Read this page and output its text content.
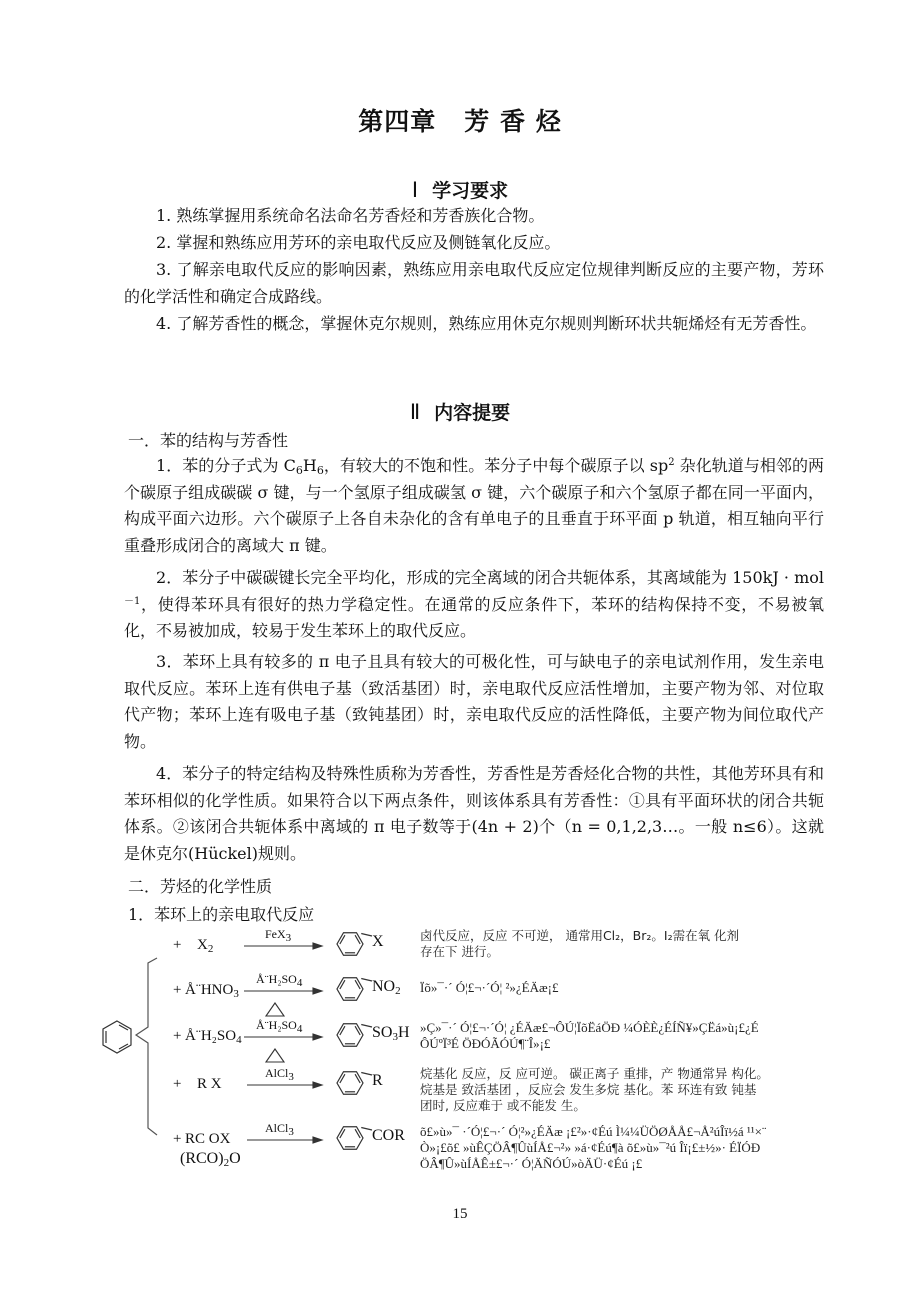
第四章 芳 香 烃
Ⅰ 学习要求
1. 熟练掌握用系统命名法命名芳香烃和芳香族化合物。
2. 掌握和熟练应用芳环的亲电取代反应及侧链氧化反应。
3. 了解亲电取代反应的影响因素，熟练应用亲电取代反应定位规律判断反应的主要产物，芳环的化学活性和确定合成路线。
4. 了解芳香性的概念，掌握休克尔规则，熟练应用休克尔规则判断环状共轭烯烃有无芳香性。
Ⅱ 内容提要
一．苯的结构与芳香性
1．苯的分子式为 $C_6H_6$，有较大的不饱和性。苯分子中每个碳原子以 $sp^2$ 杂化轨道与相邻的两个碳原子组成碳碳 σ 键，与一个氢原子组成碳氢 σ 键，六个碳原子和六个氢原子都在同一平面内，构成平面六边形。六个碳原子上各自未杂化的含有单电子的且垂直于环平面 p 轨道，相互轴向平行重叠形成闭合的离域大 π 键。
2．苯分子中碳碳键长完全平均化，形成的完全离域的闭合共轭体系，其离域能为 150kJ · mol$^{-1}$，使得苯环具有很好的热力学稳定性。在通常的反应条件下，苯环的结构保持不变，不易被氧化，不易被加成，较易于发生苯环上的取代反应。
3．苯环上具有较多的 π 电子且具有较大的可极化性，可与缺电子的亲电试剂作用，发生亲电取代反应。苯环上连有供电子基（致活基团）时，亲电取代反应活性增加，主要产物为邻、对位取代产物；苯环上连有吸电子基（致钝基团）时，亲电取代反应的活性降低，主要产物为间位取代产物。
4．苯分子的特定结构及特殊性质称为芳香性，芳香性是芳香烃化合物的共性，其他芳环具有和苯环相似的化学性质。如果符合以下两点条件，则该体系具有芳香性：①具有平面环状的闭合共轭体系。②该闭合共轭体系中离域的 π 电子数等于(4n + 2)个（n = 0,1,2,3…。一般 n≤6）。这就是休克尔(Hückel)规则。
二．芳烃的化学性质
1．苯环上的亲电取代反应
+ $X_2$
FeX$_3$	X	卤代反应，反应 不可逆， 通常用Cl₂，Br₂。I₂需在氧 化剂
存在下 进行。
+ $Å¨HNO_3$
$Å¨H_2SO_4$	$NO_2$ Ïõ»¯·´ Ó¦£¬·´Ó¦ ²»¿ÉÄæ¡£
+ $Å¨H_2SO_4$
$Å¨H_2SO_4$	$SO_3H$ »Ç»¯·´ Ó¦£¬·´Ó¦ ¿ÉÄæ£¬ÔÚ¦ÏõËáÖÐ ¼ÓÈÈ¿ÉÍÑ¥»ÇËá»ù¡£¿É
ÔÚºÏ³É ÖÐÓÃÓÚ¶¨Î»¡£
+ R X
AlCl$_3$	R	烷基化 反应，反 应可逆。 碳正离子 重排，产 物通常异 构化。
烷基是 致活基团 ，反应会 发生多烷 基化。苯 环连有致 钝基
团时, 反应难于 或不能发 生。
+ RC OX
$(RCO)_2O$
AlCl$_3$	COR õ£»ù»¯ ·´Ó¦£¬·´ Ó¦²»¿ÉÄæ ¡£²»·¢Éú Ì¼¼ÜÖØÅÅ£¬Å²úÎï½á ¹¹×¨
Ò»¡£õ£ »ùÊÇÖÂ¶ÛùÍÅ£¬²» »á·¢Éú¶à õ£»ù»¯²ú Îï¡£±½»· ÉÏÓÐ
ÖÂ¶Û»ùÍÅÊ±£¬·´ Ó¦ÄÑÓÚ»òÄÜ·¢Éú ¡£
15
